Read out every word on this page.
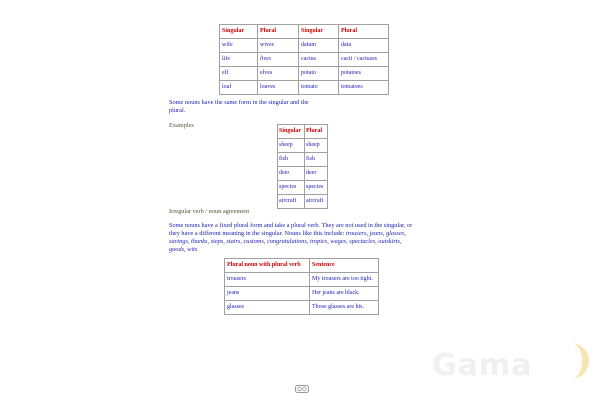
Singular	Plural	Singular	Plural
wife	wives	datum	data
life	lives	cactus	cacti / cactuses
elf	elves	potato	potatoes
loaf	loaves	tomato	tomatoes
Some nouns have the same form in the singular and the
plural.
Examples
Singular	Plural
sheep	sheep
fish	fish
deer	deer
species	species
aircraft	aircraft
Irregular verb / noun agreement
Some nouns have a fixed plural form and take a plural verb. They are not used in the singular, or
they have a different meaning in the singular. Nouns like this include: trousers, jeans, glasses,
savings, thanks, steps, stairs, customs, congratulations, tropics, wages, spectacles, outskirts,
goods, wits
Plural noun with plural verb	Sentence
trousers	My trousers are too tight.
jeans	Her jeans are black.
glasses	Those glasses are his.
Gama
